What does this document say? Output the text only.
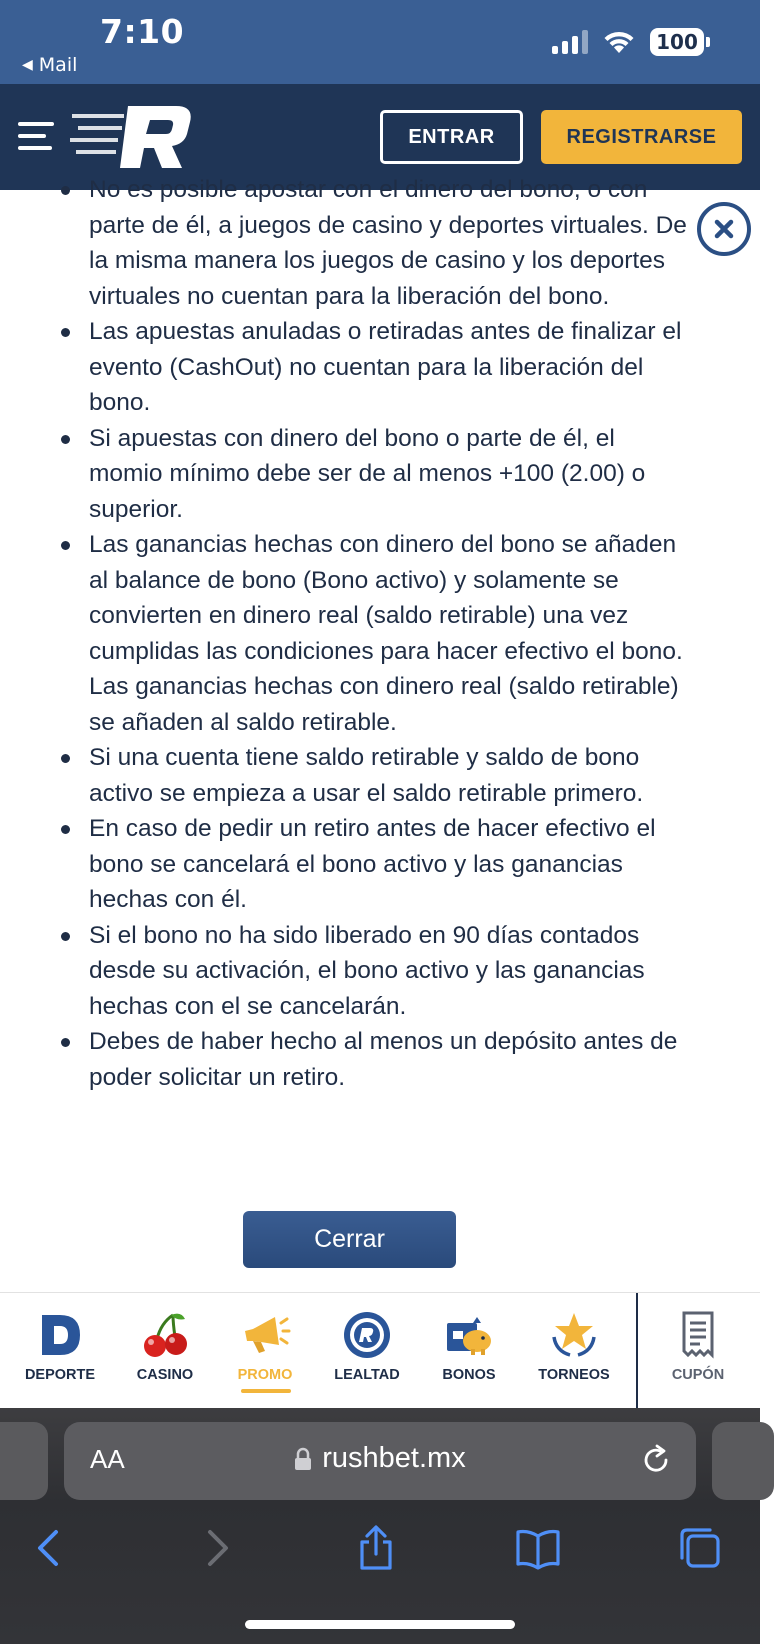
7:10
◀ Mail
100
ENTRAR	REGISTRARSE
No es posible apostar con el dinero del bono, o con parte de él, a juegos de casino y deportes virtuales. De la misma manera los juegos de casino y los deportes virtuales no cuentan para la liberación del bono.
Las apuestas anuladas o retiradas antes de finalizar el evento (CashOut) no cuentan para la liberación del bono.
Si apuestas con dinero del bono o parte de él, el momio mínimo debe ser de al menos +100 (2.00) o superior.
Las ganancias hechas con dinero del bono se añaden al balance de bono (Bono activo) y solamente se convierten en dinero real (saldo retirable) una vez cumplidas las condiciones para hacer efectivo el bono. Las ganancias hechas con dinero real (saldo retirable) se añaden al saldo retirable.
Si una cuenta tiene saldo retirable y saldo de bono activo se empieza a usar el saldo retirable primero.
En caso de pedir un retiro antes de hacer efectivo el bono se cancelará el bono activo y las ganancias hechas con él.
Si el bono no ha sido liberado en 90 días contados desde su activación, el bono activo y las ganancias hechas con el se cancelarán.
Debes de haber hecho al menos un depósito antes de poder solicitar un retiro.
Cerrar
DEPORTE	CASINO	PROMO	LEALTAD	BONOS	TORNEOS	CUPÓN
AA	rushbet.mx
